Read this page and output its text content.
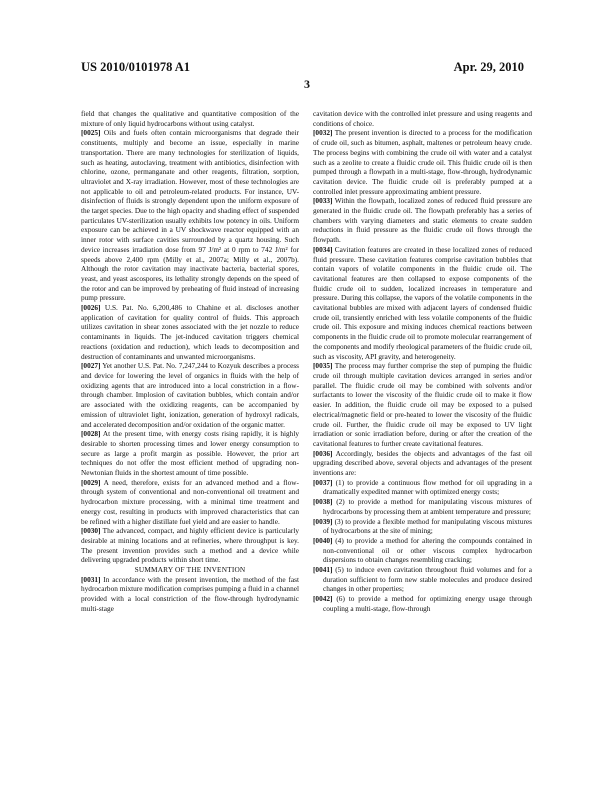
US 2010/0101978 A1	Apr. 29, 2010
3

field that changes the qualitative and quantitative composition of the mixture of only liquid hydrocarbons without using catalyst.

[0025] Oils and fuels often contain microorganisms that degrade their constituents, multiply and become an issue, especially in marine transportation. There are many technologies for sterilization of liquids, such as heating, autoclaving, treatment with antibiotics, disinfection with chlorine, ozone, permanganate and other reagents, filtration, sorption, ultraviolet and X-ray irradiation. However, most of these technologies are not applicable to oil and petroleum-related products. For instance, UV-disinfection of fluids is strongly dependent upon the uniform exposure of the target species. Due to the high opacity and shading effect of suspended particulates UV-sterilization usually exhibits low potency in oils. Uniform exposure can be achieved in a UV shockwave reactor equipped with an inner rotor with surface cavities surrounded by a quartz housing. Such device increases irradiation dose from 97 J/m² at 0 rpm to 742 J/m² for speeds above 2,400 rpm (Milly et al., 2007a; Milly et al., 2007b). Although the rotor cavitation may inactivate bacteria, bacterial spores, yeast, and yeast ascospores, its lethality strongly depends on the speed of the rotor and can be improved by preheating of fluid instead of increasing pump pressure.

[0026] U.S. Pat. No. 6,200,486 to Chahine et al. discloses another application of cavitation for quality control of fluids. This approach utilizes cavitation in shear zones associated with the jet nozzle to reduce contaminants in liquids. The jet-induced cavitation triggers chemical reactions (oxidation and reduction), which leads to decomposition and destruction of contaminants and unwanted microorganisms.

[0027] Yet another U.S. Pat. No. 7,247,244 to Kozyuk describes a process and device for lowering the level of organics in fluids with the help of oxidizing agents that are introduced into a local constriction in a flow-through chamber. Implosion of cavitation bubbles, which contain and/or are associated with the oxidizing reagents, can be accompanied by emission of ultraviolet light, ionization, generation of hydroxyl radicals, and accelerated decomposition and/or oxidation of the organic matter.

[0028] At the present time, with energy costs rising rapidly, it is highly desirable to shorten processing times and lower energy consumption to secure as large a profit margin as possible. However, the prior art techniques do not offer the most efficient method of upgrading non-Newtonian fluids in the shortest amount of time possible.

[0029] A need, therefore, exists for an advanced method and a flow-through system of conventional and non-conventional oil treatment and hydrocarbon mixture processing, with a minimal time treatment and energy cost, resulting in products with improved characteristics that can be refined with a higher distillate fuel yield and are easier to handle.

[0030] The advanced, compact, and highly efficient device is particularly desirable at mining locations and at refineries, where throughput is key. The present invention provides such a method and a device while delivering upgraded products within short time.

SUMMARY OF THE INVENTION

[0031] In accordance with the present invention, the method of the fast hydrocarbon mixture modification comprises pumping a fluid in a channel provided with a local constriction of the flow-through hydrodynamic multi-stage

cavitation device with the controlled inlet pressure and using reagents and conditions of choice.

[0032] The present invention is directed to a process for the modification of crude oil, such as bitumen, asphalt, maltenes or petroleum heavy crude. The process begins with combining the crude oil with water and a catalyst such as a zeolite to create a fluidic crude oil. This fluidic crude oil is then pumped through a flowpath in a multi-stage, flow-through, hydrodynamic cavitation device. The fluidic crude oil is preferably pumped at a controlled inlet pressure approximating ambient pressure.

[0033] Within the flowpath, localized zones of reduced fluid pressure are generated in the fluidic crude oil. The flowpath preferably has a series of chambers with varying diameters and static elements to create sudden reductions in fluid pressure as the fluidic crude oil flows through the flowpath.

[0034] Cavitation features are created in these localized zones of reduced fluid pressure. These cavitation features comprise cavitation bubbles that contain vapors of volatile components in the fluidic crude oil. The cavitational features are then collapsed to expose components of the fluidic crude oil to sudden, localized increases in temperature and pressure. During this collapse, the vapors of the volatile components in the cavitational bubbles are mixed with adjacent layers of condensed fluidic crude oil, transiently enriched with less volatile components of the fluidic crude oil. This exposure and mixing induces chemical reactions between components in the fluidic crude oil to promote molecular rearrangement of the components and modify rheological parameters of the fluidic crude oil, such as viscosity, API gravity, and heterogeneity.

[0035] The process may further comprise the step of pumping the fluidic crude oil through multiple cavitation devices arranged in series and/or parallel. The fluidic crude oil may be combined with solvents and/or surfactants to lower the viscosity of the fluidic crude oil to make it flow easier. In addition, the fluidic crude oil may be exposed to a pulsed electrical/magnetic field or pre-heated to lower the viscosity of the fluidic crude oil. Further, the fluidic crude oil may be exposed to UV light irradiation or sonic irradiation before, during or after the creation of the cavitational features to further create cavitational features.

[0036] Accordingly, besides the objects and advantages of the fast oil upgrading described above, several objects and advantages of the present inventions are:

[0037] (1) to provide a continuous flow method for oil upgrading in a dramatically expedited manner with optimized energy costs;

[0038] (2) to provide a method for manipulating viscous mixtures of hydrocarbons by processing them at ambient temperature and pressure;

[0039] (3) to provide a flexible method for manipulating viscous mixtures of hydrocarbons at the site of mining;

[0040] (4) to provide a method for altering the compounds contained in non-conventional oil or other viscous complex hydrocarbon dispersions to obtain changes resembling cracking;

[0041] (5) to induce even cavitation throughout fluid volumes and for a duration sufficient to form new stable molecules and produce desired changes in other properties;

[0042] (6) to provide a method for optimizing energy usage through coupling a multi-stage, flow-through
